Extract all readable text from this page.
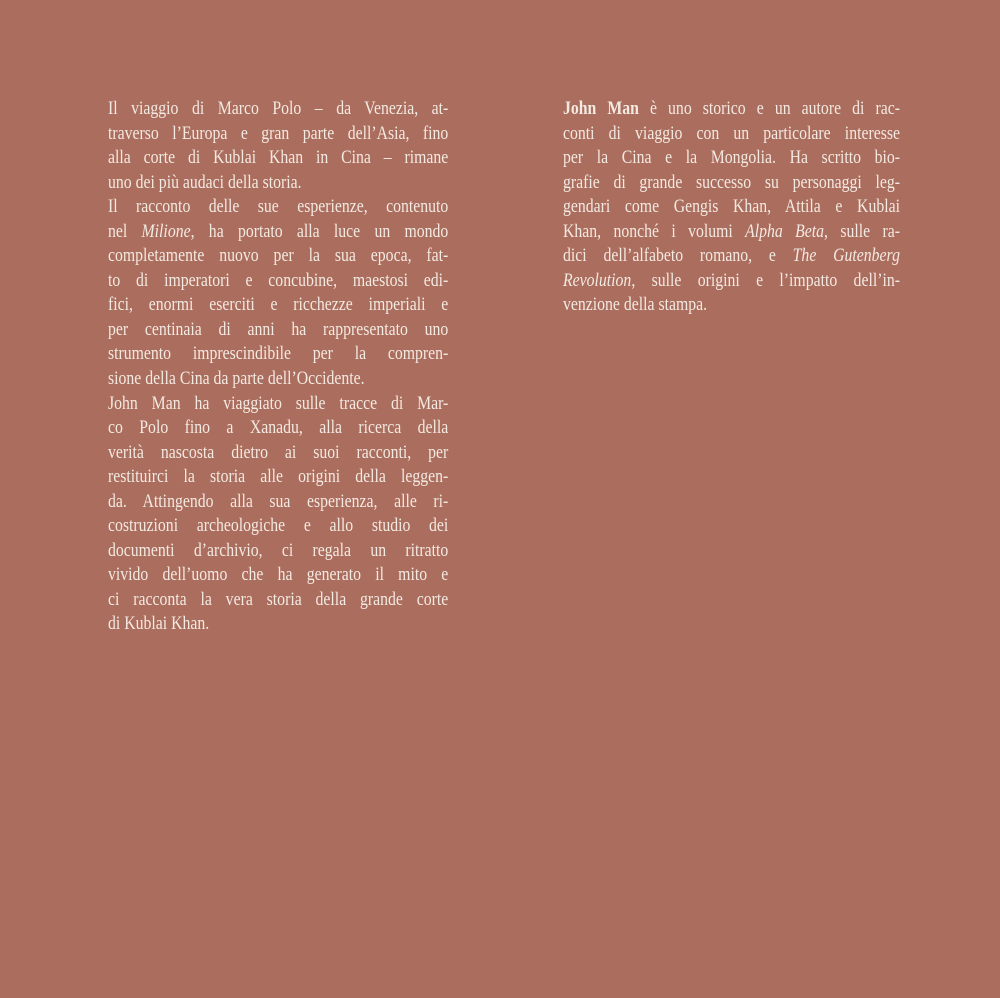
Il viaggio di Marco Polo – da Venezia, at-
traverso l’Europa e gran parte dell’Asia, fino
alla corte di Kublai Khan in Cina – rimane
uno dei più audaci della storia.
Il racconto delle sue esperienze, contenuto
nel Milione, ha portato alla luce un mondo
completamente nuovo per la sua epoca, fat-
to di imperatori e concubine, maestosi edi-
fici, enormi eserciti e ricchezze imperiali e
per centinaia di anni ha rappresentato uno
strumento imprescindibile per la compren-
sione della Cina da parte dell’Occidente.
John Man ha viaggiato sulle tracce di Mar-
co Polo fino a Xanadu, alla ricerca della
verità nascosta dietro ai suoi racconti, per
restituirci la storia alle origini della leggen-
da. Attingendo alla sua esperienza, alle ri-
costruzioni archeologiche e allo studio dei
documenti d’archivio, ci regala un ritratto
vivido dell’uomo che ha generato il mito e
ci racconta la vera storia della grande corte
di Kublai Khan.
John Man è uno storico e un autore di rac-
conti di viaggio con un particolare interesse
per la Cina e la Mongolia. Ha scritto bio-
grafie di grande successo su personaggi leg-
gendari come Gengis Khan, Attila e Kublai
Khan, nonché i volumi Alpha Beta, sulle ra-
dici dell’alfabeto romano, e The Gutenberg
Revolution, sulle origini e l’impatto dell’in-
venzione della stampa.
